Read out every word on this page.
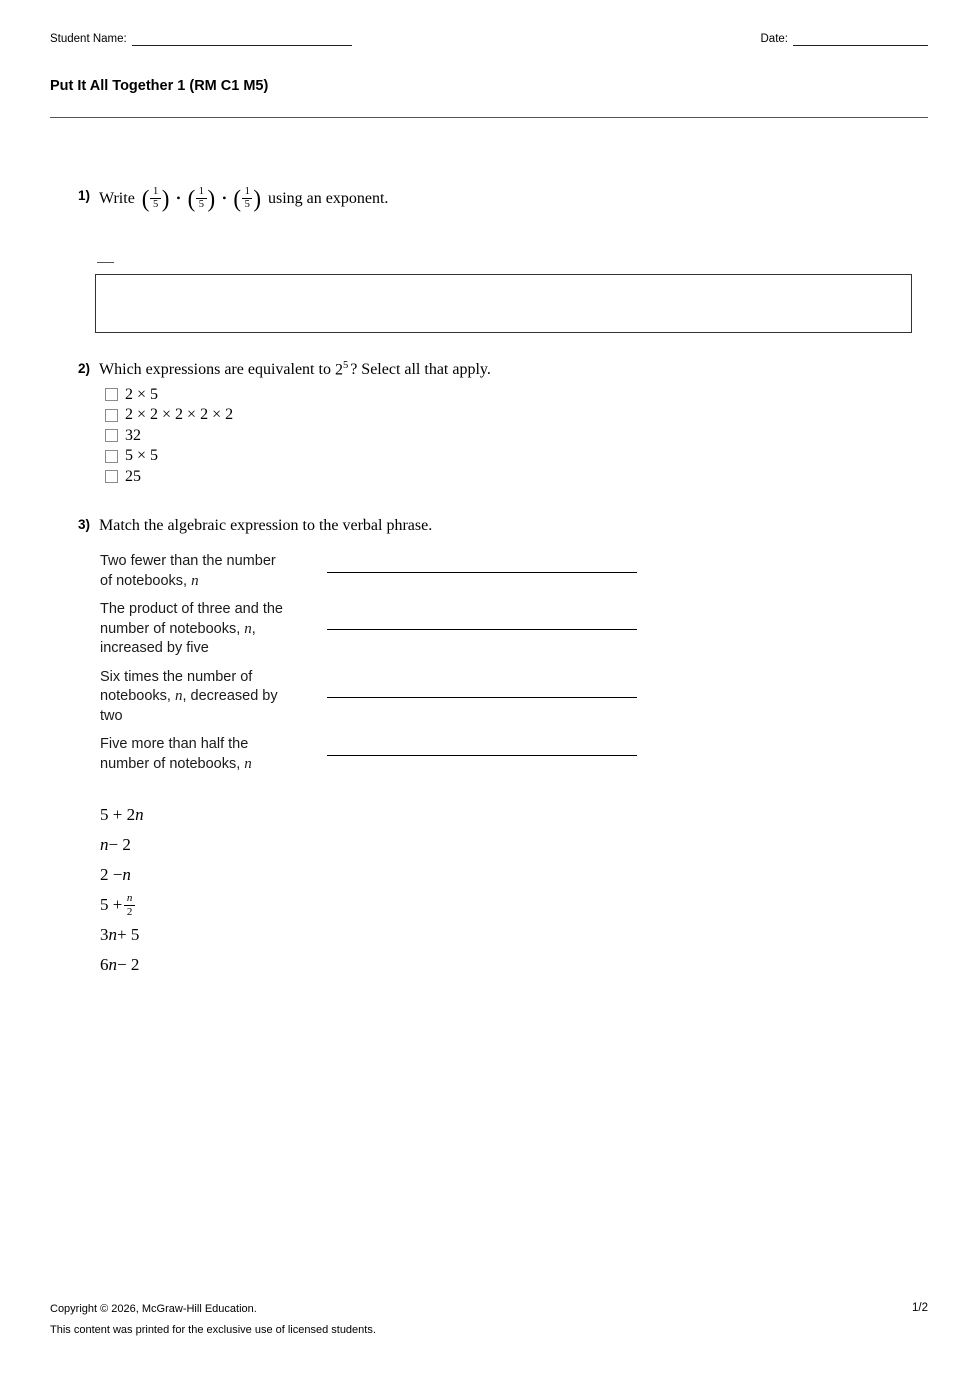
Student Name:	Date:
Put It All Together 1 (RM C1 M5)
1) Write ( $\frac{1}{5}$ ) • ( $\frac{1}{5}$ ) • ( $\frac{1}{5}$ ) using an exponent.
2) Which expressions are equivalent to $2^5$ ? Select all that apply.
2 × 5
2 × 2 × 2 × 2 × 2
32
5 × 5
25
3) Match the algebraic expression to the verbal phrase.
Two fewer than the number of notebooks, n
The product of three and the number of notebooks, n, increased by five
Six times the number of notebooks, n, decreased by two
Five more than half the number of notebooks, n
5 + 2 n
n − 2
2 − n
$5 + \frac{n}{2}$
3 n + 5
6 n − 2
Copyright © 2026, McGraw-Hill Education.
This content was printed for the exclusive use of licensed students.
1/2
